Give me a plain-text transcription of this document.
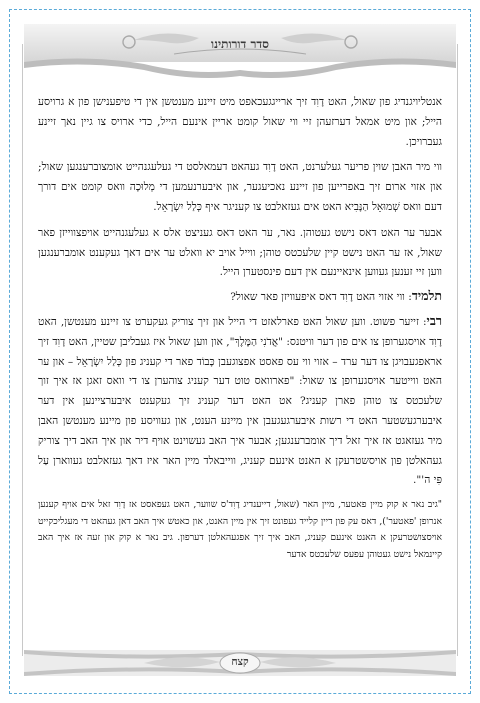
סדר דורותינו

אנטליויגנדיג פון שאול, האט דָוִד זיך ארייגגעכאפט מיט זיינע מענטשן אין די טיפענישן פון א גרויסע הייל; און מיט אמאל דערזעהן זיי ווי שאול קומט אריין אינעם הייל, כדי ארויס צו גיין נאך זיינע געברויכן.

ווי מיר האבן שוין פריער געלערנט, האט דָוִד געהאט דעמאלסט די געלעגנהייט אומצוברענגען שאול; און אזוי ארום זיך באפרייען פון זיינע נאכיעגער, און איבערנעמען די מְלוּכָה וואס קומט אים דורך דעם וואס שְׁמוּאֵל הַנָּבִיא האט אים געזאלבט צו קעניגר איף כְּלַל יִשְׂרָאֵל.

אבער ער האט דאס נישט געטוהן. נאר, ער האט דאס געניצט אלס א געלעגנהייט אויפצווייזן פאר שאול, אז ער האט נישט קיין שלעכטס טוהן; ווייל אויב יא וואלט ער אים דאך געקענט אומברענגען ווען זיי זענען געווען אינאיינעם אין דעם פינסטערן הייל.

תלמיד: ווי אזוי האט דָוִד דאס איפעוויזן פאר שאול?

רבי: זייער פשוט. ווען שאול האט פארלאזט די הייל און זיך צוריק געקערט צו זיינע מענטשן, האט דָוִד אויסגערופן צו אים פון דער וויטנס: "אֲדֹנִי הַמֶּלֶךְ", און ווען שאול איז געבליבן שטיין, האט דָוִד זיך אראפגעבויגן צו דער ערד – אזוי ווי עס פאסט אפצוגעבן כָּבוֹד פאר די קעניג פון כְּלַל יִשְׂרָאֵל – און ער האט ווייטער אויסגערופן צו שאול: "פארוואס טוט דער קעניג צוהערן צו די וואס זאגן אז איך זוך שלעכטס צו טוהן פארן קעניג? אט האט דער קעניג זיך געקענט איבערציינען אין דער איבערגעשטער האט די רשות איבערגעגעבן אין מיינע הענט, און געוויסע פון מיינע מענטשן האבן מיר געזאגט אז איך זאל דיך אומברענגען; אבער איך האב געשוינט אויף דיר און איך האב דיך צוריק געהאלטן פון אויסשטרעקן א האנט אינעם קעניג, ווייבאלד מיין האר איז דאך געזאלבט געווארן עַל פִּי ה'".

"גיב נאר א קוק מיין פאטער, מיין האר (שאול, דייענדיג דָוִד'ס שווער, האט געפאסט אז דָוִד זאל אים אויף קענען אנרופן 'פאטער'), דאס עק פון דיין קלייד געפונט זיך אין מיין האנט, און כאטש איך האב דאן געהאט די מעגליכקייט אויסצושטרעקן א האנט אינעם קעניג, האב איך זיך אפגעהאלטן דערפון. גיב נאר א קוק און זעה אז איך האב קיינמאל נישט געטוהן עפעס שלעכטס אדער

קצח
